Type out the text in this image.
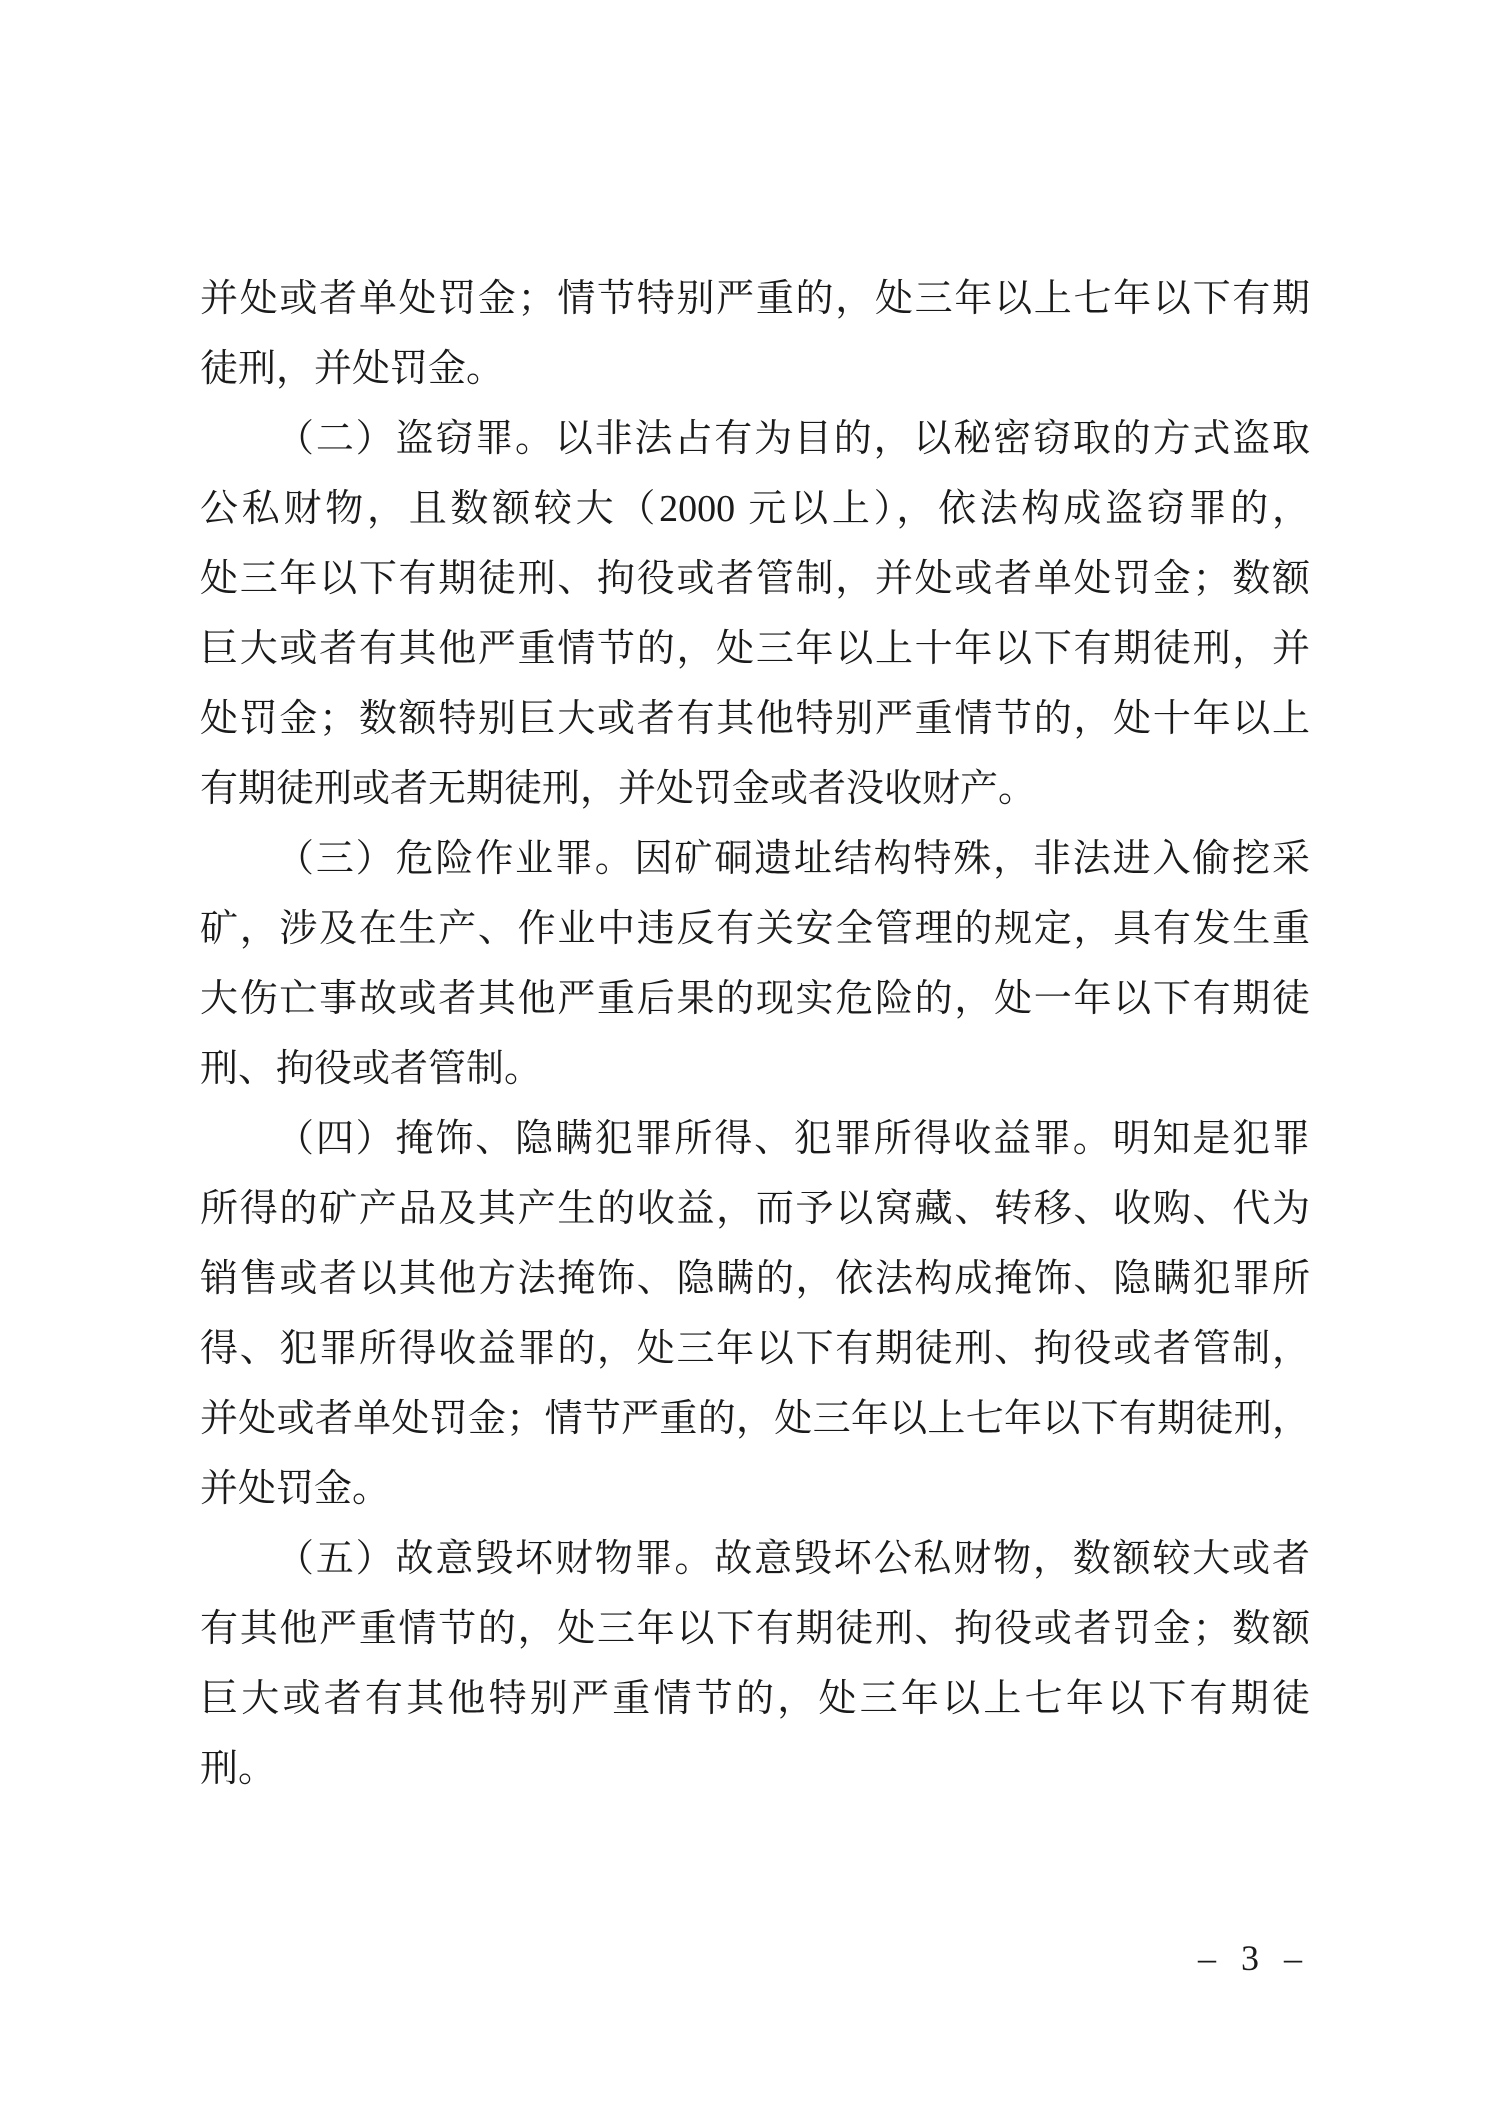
并处或者单处罚金；情节特别严重的，处三年以上七年以下有期
徒刑，并处罚金。
（二）盗窃罪。以非法占有为目的，以秘密窃取的方式盗取
公私财物，且数额较大（2000 元以上），依法构成盗窃罪的，
处三年以下有期徒刑、拘役或者管制，并处或者单处罚金；数额
巨大或者有其他严重情节的，处三年以上十年以下有期徒刑，并
处罚金；数额特别巨大或者有其他特别严重情节的，处十年以上
有期徒刑或者无期徒刑，并处罚金或者没收财产。
（三）危险作业罪。因矿硐遗址结构特殊，非法进入偷挖采
矿，涉及在生产、作业中违反有关安全管理的规定，具有发生重
大伤亡事故或者其他严重后果的现实危险的，处一年以下有期徒
刑、拘役或者管制。
（四）掩饰、隐瞒犯罪所得、犯罪所得收益罪。明知是犯罪
所得的矿产品及其产生的收益，而予以窝藏、转移、收购、代为
销售或者以其他方法掩饰、隐瞒的，依法构成掩饰、隐瞒犯罪所
得、犯罪所得收益罪的，处三年以下有期徒刑、拘役或者管制，
并处或者单处罚金；情节严重的，处三年以上七年以下有期徒刑，
并处罚金。
（五）故意毁坏财物罪。故意毁坏公私财物，数额较大或者
有其他严重情节的，处三年以下有期徒刑、拘役或者罚金；数额
巨大或者有其他特别严重情节的，处三年以上七年以下有期徒
刑。
– 3 –
